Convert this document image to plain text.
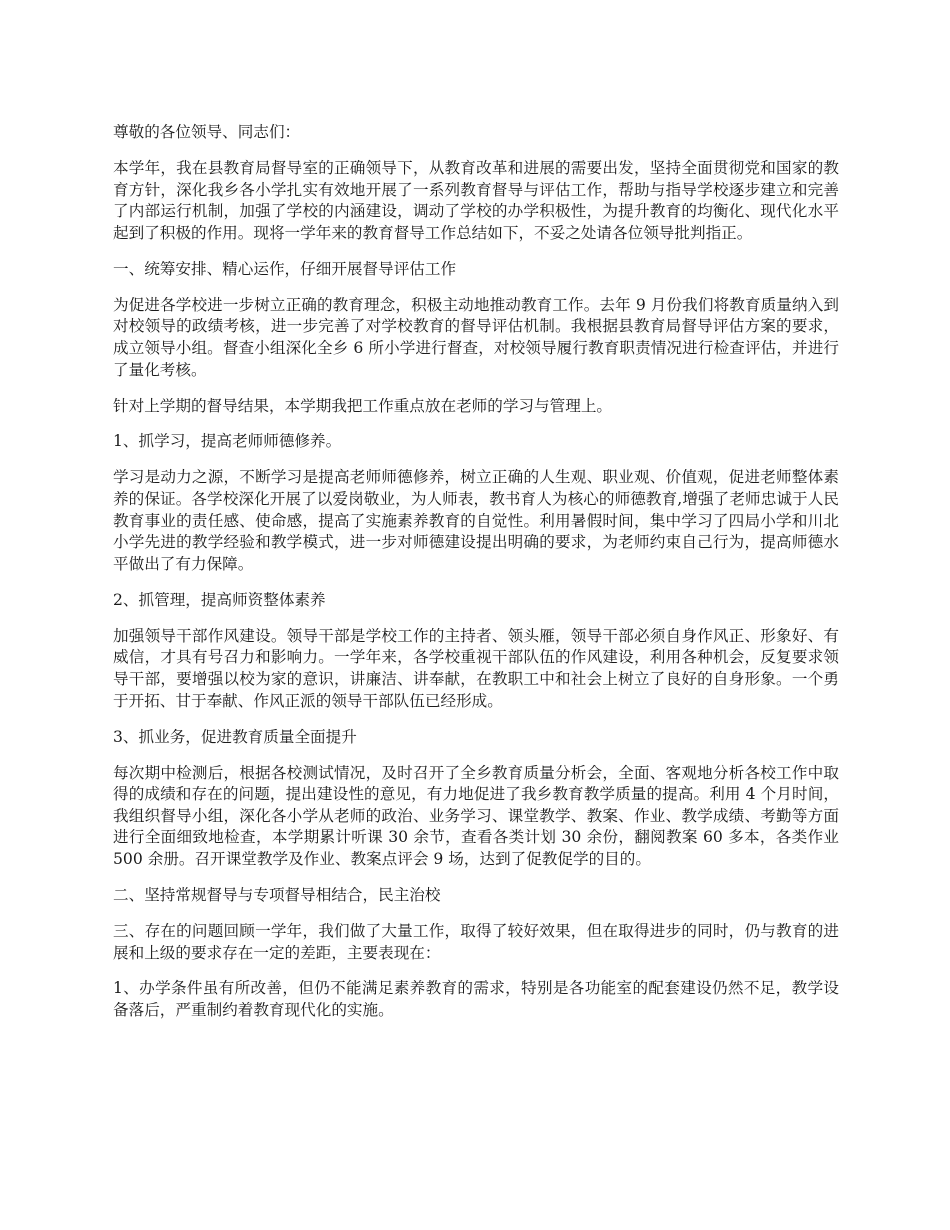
尊敬的各位领导、同志们：

本学年，我在县教育局督导室的正确领导下，从教育改革和进展的需要出发，坚持全面贯彻党和国家的教育方针，深化我乡各小学扎实有效地开展了一系列教育督导与评估工作，帮助与指导学校逐步建立和完善了内部运行机制，加强了学校的内涵建设，调动了学校的办学积极性，为提升教育的均衡化、现代化水平起到了积极的作用。现将一学年来的教育督导工作总结如下，不妥之处请各位领导批判指正。

一、统筹安排、精心运作，仔细开展督导评估工作

为促进各学校进一步树立正确的教育理念，积极主动地推动教育工作。去年 9 月份我们将教育质量纳入到对校领导的政绩考核，进一步完善了对学校教育的督导评估机制。我根据县教育局督导评估方案的要求，成立领导小组。督查小组深化全乡 6 所小学进行督查，对校领导履行教育职责情况进行检查评估，并进行了量化考核。

针对上学期的督导结果，本学期我把工作重点放在老师的学习与管理上。

1、抓学习，提高老师师德修养。

学习是动力之源，不断学习是提高老师师德修养，树立正确的人生观、职业观、价值观，促进老师整体素养的保证。各学校深化开展了以爱岗敬业，为人师表，教书育人为核心的师德教育,增强了老师忠诚于人民教育事业的责任感、使命感，提高了实施素养教育的自觉性。利用暑假时间，集中学习了四局小学和川北小学先进的教学经验和教学模式，进一步对师德建设提出明确的要求，为老师约束自己行为，提高师德水平做出了有力保障。

2、抓管理，提高师资整体素养

加强领导干部作风建设。领导干部是学校工作的主持者、领头雁，领导干部必须自身作风正、形象好、有威信，才具有号召力和影响力。一学年来，各学校重视干部队伍的作风建设，利用各种机会，反复要求领导干部，要增强以校为家的意识，讲廉洁、讲奉献，在教职工中和社会上树立了良好的自身形象。一个勇于开拓、甘于奉献、作风正派的领导干部队伍已经形成。

3、抓业务，促进教育质量全面提升

每次期中检测后，根据各校测试情况，及时召开了全乡教育质量分析会，全面、客观地分析各校工作中取得的成绩和存在的问题，提出建设性的意见，有力地促进了我乡教育教学质量的提高。利用 4 个月时间，我组织督导小组，深化各小学从老师的政治、业务学习、课堂教学、教案、作业、教学成绩、考勤等方面进行全面细致地检查，本学期累计听课 30 余节，查看各类计划 30 余份，翻阅教案 60 多本，各类作业 500 余册。召开课堂教学及作业、教案点评会 9 场，达到了促教促学的目的。

二、坚持常规督导与专项督导相结合，民主治校

三、存在的问题回顾一学年，我们做了大量工作，取得了较好效果，但在取得进步的同时，仍与教育的进展和上级的要求存在一定的差距，主要表现在：

1、办学条件虽有所改善，但仍不能满足素养教育的需求，特别是各功能室的配套建设仍然不足，教学设备落后，严重制约着教育现代化的实施。
